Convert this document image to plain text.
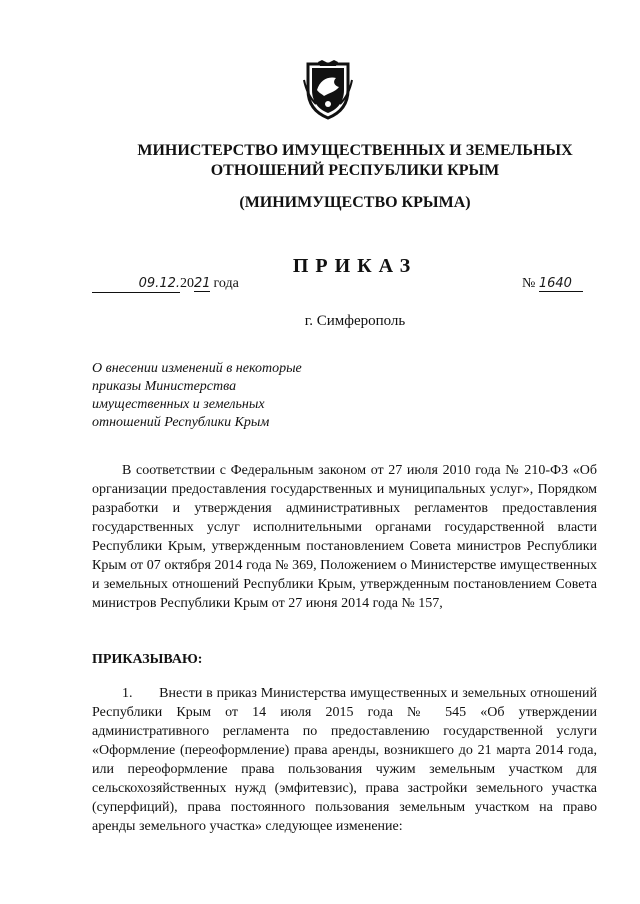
МИНИСТЕРСТВО ИМУЩЕСТВЕННЫХ И ЗЕМЕЛЬНЫХ
ОТНОШЕНИЙ РЕСПУБЛИКИ КРЫМ
(МИНИМУЩЕСТВО КРЫМА)
ПРИКАЗ
09.12.2021 года	№ 1640
г. Симферополь
О внесении изменений в некоторые
приказы Министерства
имущественных и земельных
отношений Республики Крым

В соответствии с Федеральным законом от 27 июля 2010 года № 210-ФЗ «Об организации предоставления государственных и муниципальных услуг», Порядком разработки и утверждения административных регламентов предоставления государственных услуг исполнительными органами государственной власти Республики Крым, утвержденным постановлением Совета министров Республики Крым от 07 октября 2014 года № 369, Положением о Министерстве имущественных и земельных отношений Республики Крым, утвержденным постановлением Совета министров Республики Крым от 27 июня 2014 года № 157,

ПРИКАЗЫВАЮ:

1. Внести в приказ Министерства имущественных и земельных отношений Республики Крым от 14 июля 2015 года № 545 «Об утверждении административного регламента по предоставлению государственной услуги «Оформление (переоформление) права аренды, возникшего до 21 марта 2014 года, или переоформление права пользования чужим земельным участком для сельскохозяйственных нужд (эмфитевзис), права застройки земельного участка (суперфиций), права постоянного пользования земельным участком на право аренды земельного участка» следующее изменение:
